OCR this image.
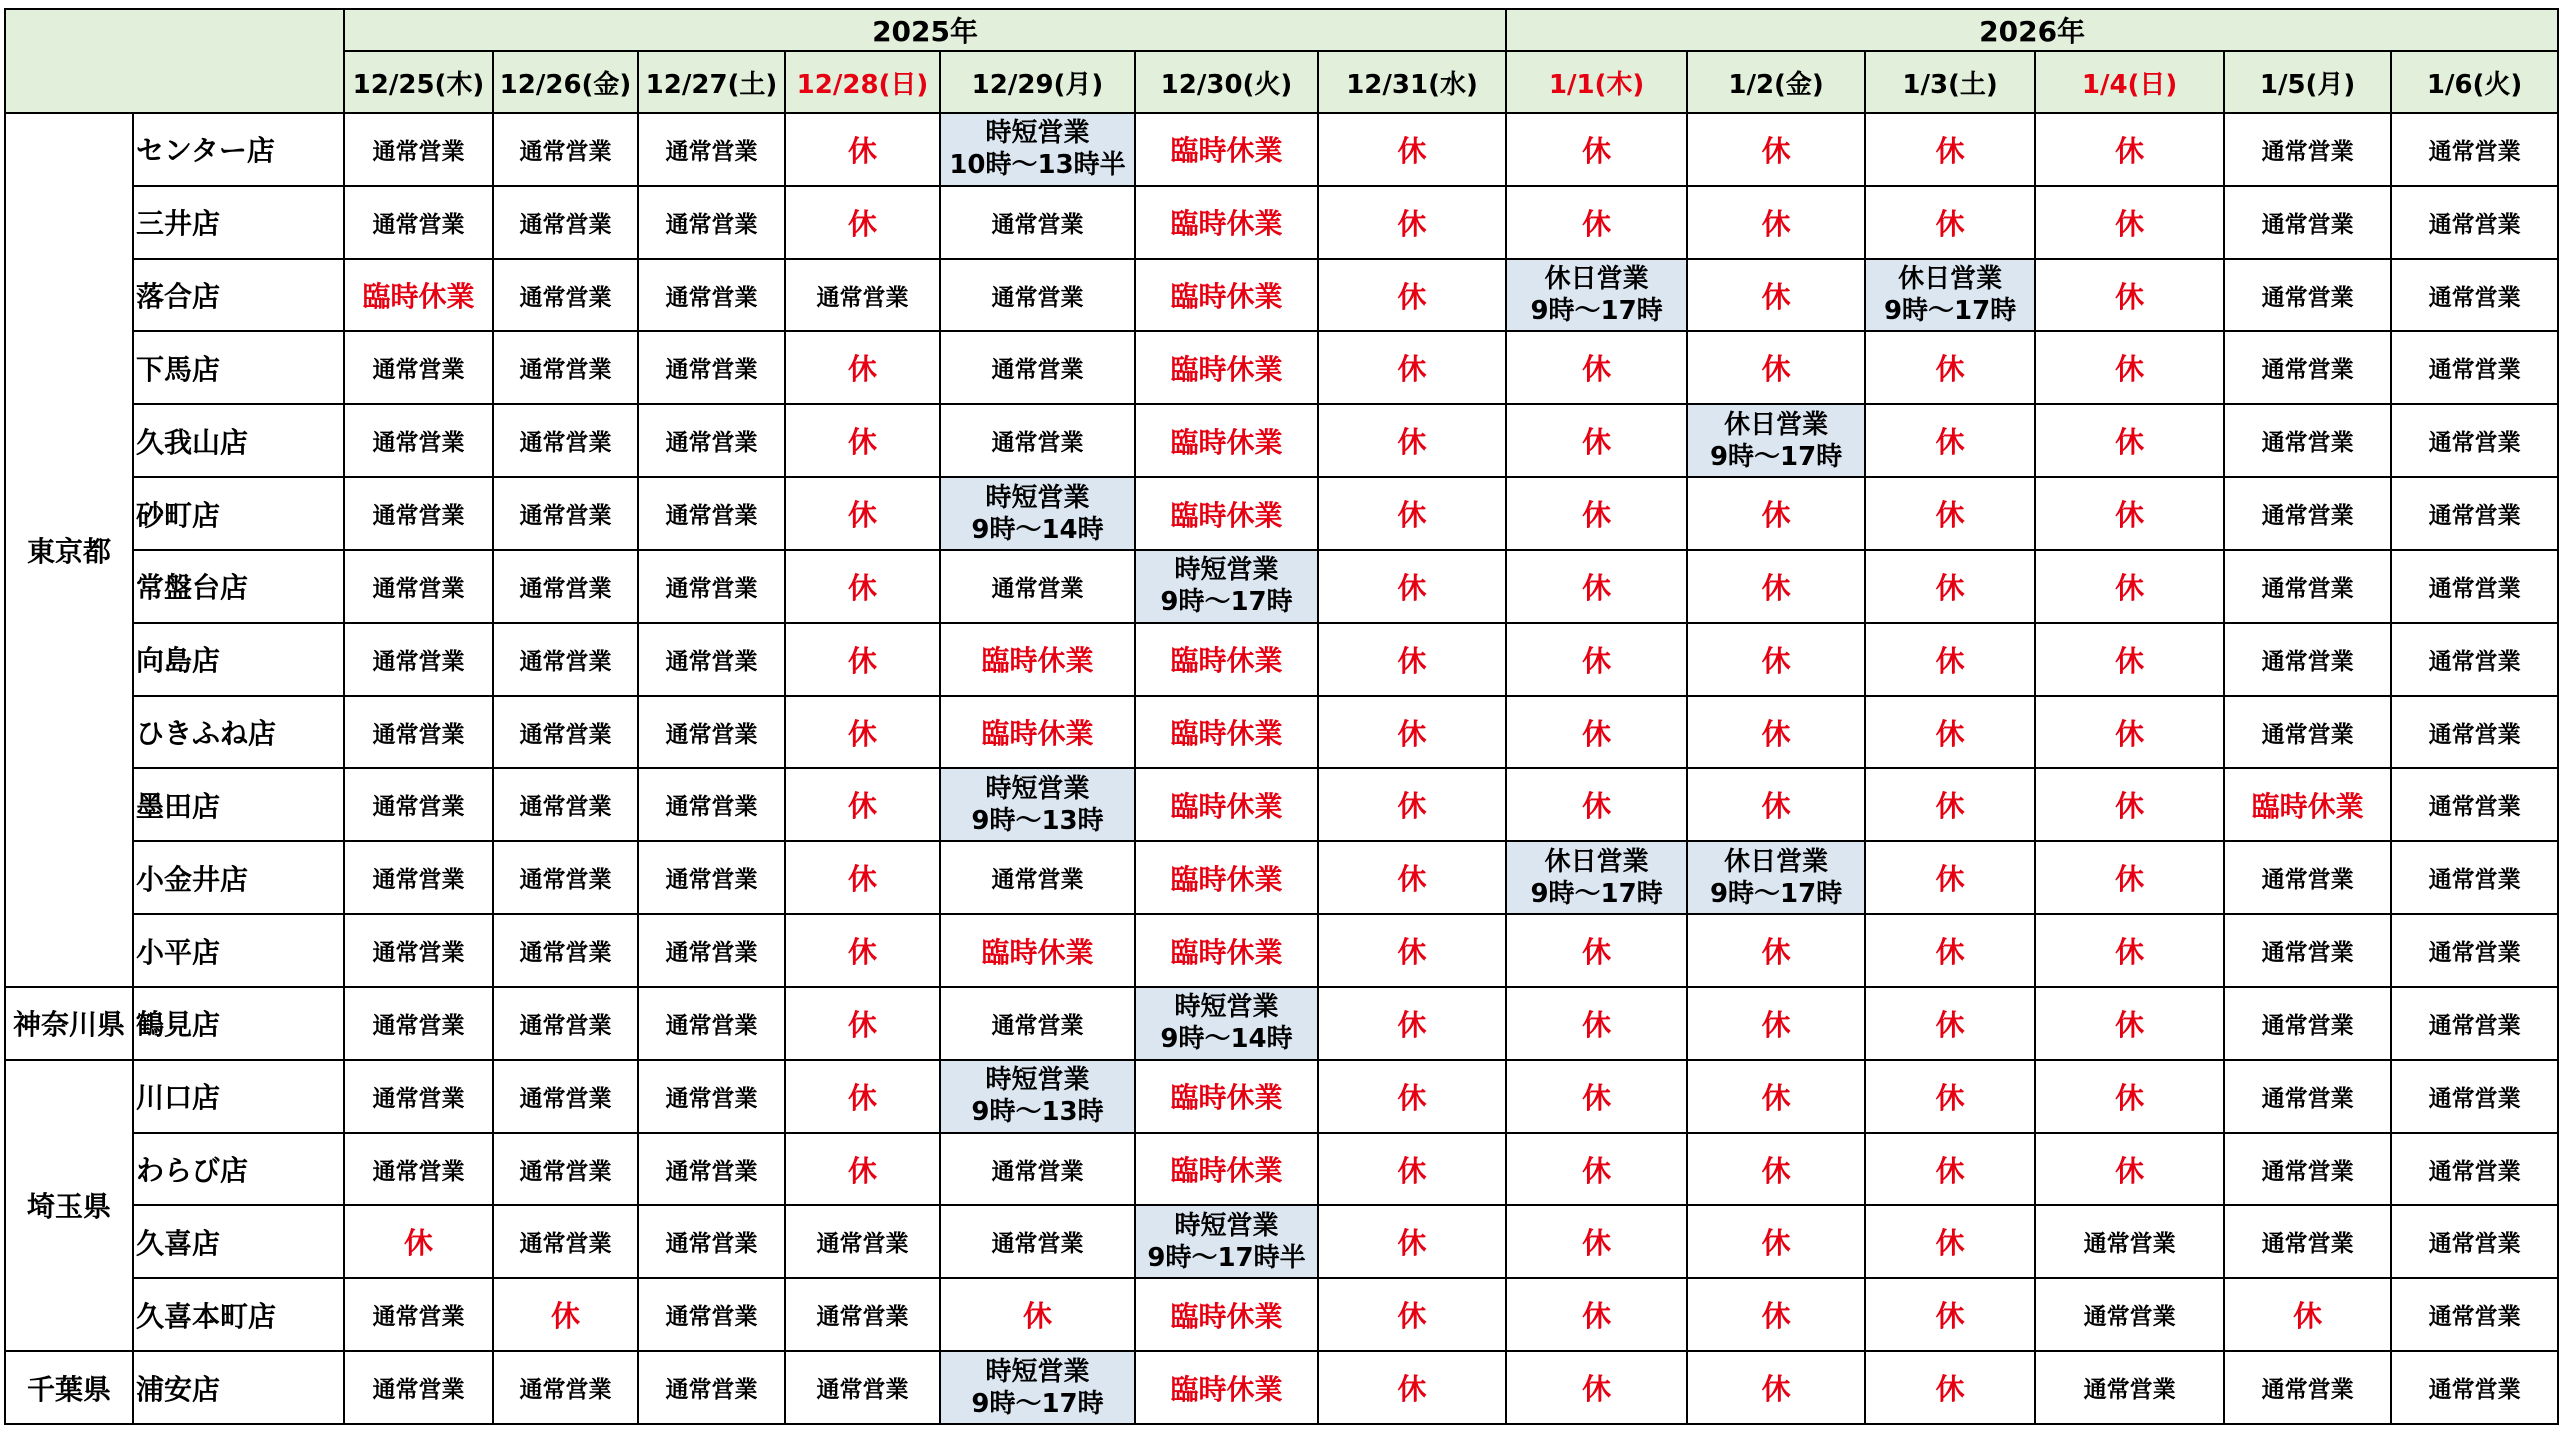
		2025年							2026年					
		12/25(木)	12/26(金)	12/27(土)	12/28(日)	12/29(月)	12/30(火)	12/31(水)	1/1(木)	1/2(金)	1/3(土)	1/4(日)	1/5(月)	1/6(火)
東京都	センター店	通常営業	通常営業	通常営業	休	時短営業
10時～13時半	臨時休業	休	休	休	休	休	通常営業	通常営業
	三井店	通常営業	通常営業	通常営業	休	通常営業	臨時休業	休	休	休	休	休	通常営業	通常営業
	落合店	臨時休業	通常営業	通常営業	通常営業	通常営業	臨時休業	休	休日営業
9時～17時	休	休日営業
9時～17時	休	通常営業	通常営業
	下馬店	通常営業	通常営業	通常営業	休	通常営業	臨時休業	休	休	休	休	休	通常営業	通常営業
	久我山店	通常営業	通常営業	通常営業	休	通常営業	臨時休業	休	休	休日営業
9時～17時	休	休	通常営業	通常営業
	砂町店	通常営業	通常営業	通常営業	休	時短営業
9時～14時	臨時休業	休	休	休	休	休	通常営業	通常営業
	常盤台店	通常営業	通常営業	通常営業	休	通常営業	時短営業
9時～17時	休	休	休	休	休	通常営業	通常営業
	向島店	通常営業	通常営業	通常営業	休	臨時休業	臨時休業	休	休	休	休	休	通常営業	通常営業
	ひきふね店	通常営業	通常営業	通常営業	休	臨時休業	臨時休業	休	休	休	休	休	通常営業	通常営業
	墨田店	通常営業	通常営業	通常営業	休	時短営業
9時～13時	臨時休業	休	休	休	休	休	臨時休業	通常営業
	小金井店	通常営業	通常営業	通常営業	休	通常営業	臨時休業	休	休日営業
9時～17時	休日営業
9時～17時	休	休	通常営業	通常営業
	小平店	通常営業	通常営業	通常営業	休	臨時休業	臨時休業	休	休	休	休	休	通常営業	通常営業
神奈川県	鶴見店	通常営業	通常営業	通常営業	休	通常営業	時短営業
9時～14時	休	休	休	休	休	通常営業	通常営業
埼玉県	川口店	通常営業	通常営業	通常営業	休	時短営業
9時～13時	臨時休業	休	休	休	休	休	通常営業	通常営業
	わらび店	通常営業	通常営業	通常営業	休	通常営業	臨時休業	休	休	休	休	休	通常営業	通常営業
	久喜店	休	通常営業	通常営業	通常営業	通常営業	時短営業
9時～17時半	休	休	休	休	通常営業	通常営業	通常営業
	久喜本町店	通常営業	休	通常営業	通常営業	休	臨時休業	休	休	休	休	通常営業	休	通常営業
千葉県	浦安店	通常営業	通常営業	通常営業	通常営業	時短営業
9時～17時	臨時休業	休	休	休	休	通常営業	通常営業	通常営業
